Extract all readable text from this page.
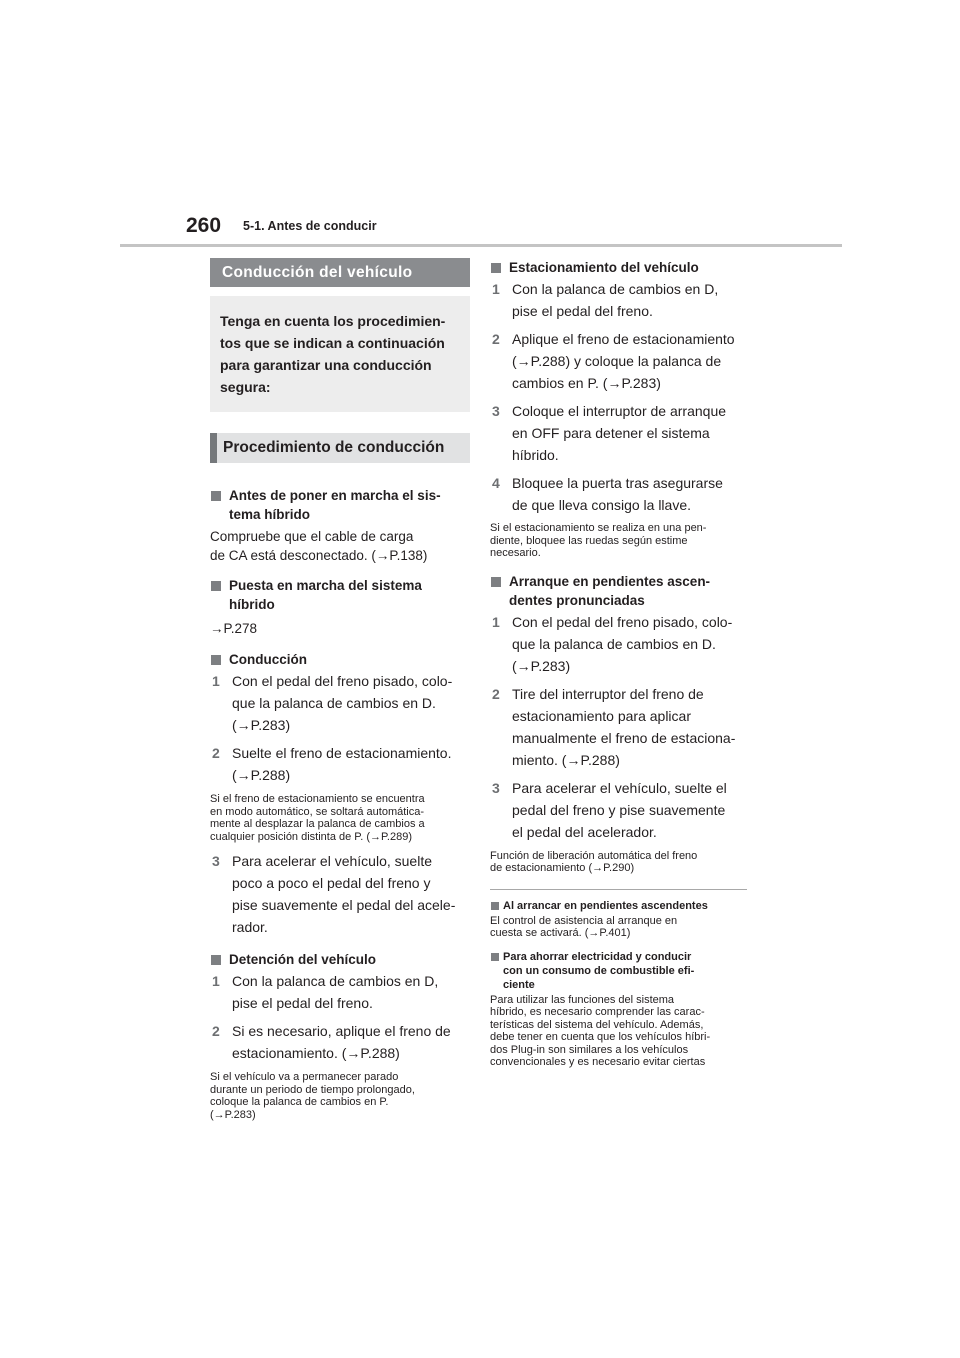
260 5-1. Antes de conducir
Conducción del vehículo
Tenga en cuenta los procedimien-
tos que se indican a continuación
para garantizar una conducción
segura:
Procedimiento de conducción
Antes de poner en marcha el sis-
tema híbrido
Compruebe que el cable de carga
de CA está desconectado. (→P.138)
Puesta en marcha del sistema
híbrido
→P.278
Conducción
1 Con el pedal del freno pisado, colo-
que la palanca de cambios en D.
(→P.283)
2 Suelte el freno de estacionamiento.
(→P.288)
Si el freno de estacionamiento se encuentra
en modo automático, se soltará automática-
mente al desplazar la palanca de cambios a
cualquier posición distinta de P. (→P.289)
3 Para acelerar el vehículo, suelte
poco a poco el pedal del freno y
pise suavemente el pedal del acele-
rador.
Detención del vehículo
1 Con la palanca de cambios en D,
pise el pedal del freno.
2 Si es necesario, aplique el freno de
estacionamiento. (→P.288)
Si el vehículo va a permanecer parado
durante un periodo de tiempo prolongado,
coloque la palanca de cambios en P.
(→P.283)
Estacionamiento del vehículo
1 Con la palanca de cambios en D,
pise el pedal del freno.
2 Aplique el freno de estacionamiento
(→P.288) y coloque la palanca de
cambios en P. (→P.283)
3 Coloque el interruptor de arranque
en OFF para detener el sistema
híbrido.
4 Bloquee la puerta tras asegurarse
de que lleva consigo la llave.
Si el estacionamiento se realiza en una pen-
diente, bloquee las ruedas según estime
necesario.
Arranque en pendientes ascen-
dentes pronunciadas
1 Con el pedal del freno pisado, colo-
que la palanca de cambios en D.
(→P.283)
2 Tire del interruptor del freno de
estacionamiento para aplicar
manualmente el freno de estaciona-
miento. (→P.288)
3 Para acelerar el vehículo, suelte el
pedal del freno y pise suavemente
el pedal del acelerador.
Función de liberación automática del freno
de estacionamiento (→P.290)
Al arrancar en pendientes ascendentes
El control de asistencia al arranque en
cuesta se activará. (→P.401)
Para ahorrar electricidad y conducir
con un consumo de combustible efi-
ciente
Para utilizar las funciones del sistema
híbrido, es necesario comprender las carac-
terísticas del sistema del vehículo. Además,
debe tener en cuenta que los vehículos híbri-
dos Plug-in son similares a los vehículos
convencionales y es necesario evitar ciertas
